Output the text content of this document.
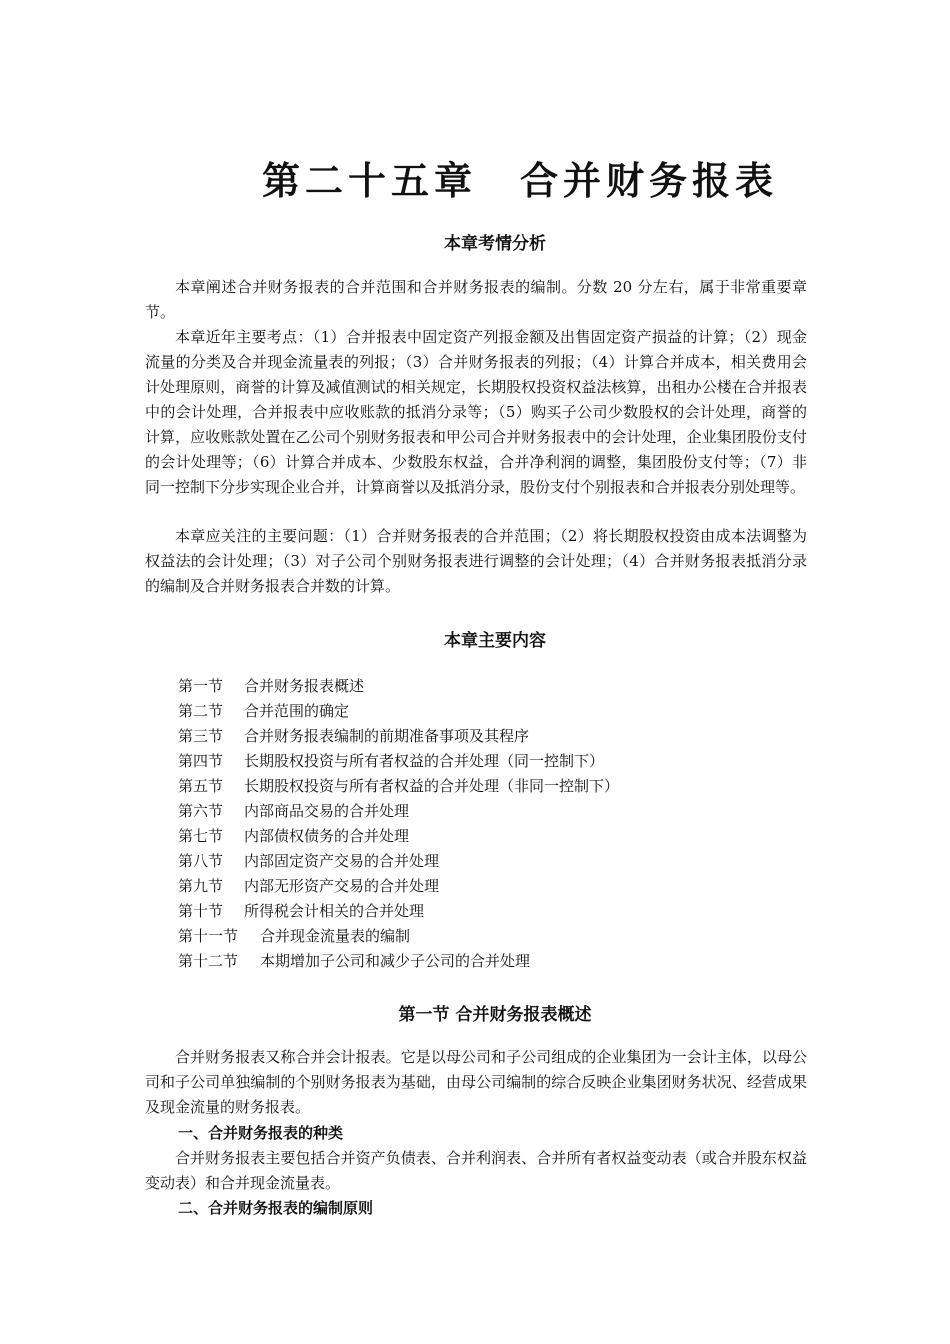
第二十五章　合并财务报表
本章考情分析

本章阐述合并财务报表的合并范围和合并财务报表的编制。分数 20 分左右，属于非常重要章节。

本章近年主要考点：（1）合并报表中固定资产列报金额及出售固定资产损益的计算；（2）现金流量的分类及合并现金流量表的列报；（3）合并财务报表的列报；（4）计算合并成本，相关费用会计处理原则，商誉的计算及减值测试的相关规定，长期股权投资权益法核算，出租办公楼在合并报表中的会计处理，合并报表中应收账款的抵消分录等；（5）购买子公司少数股权的会计处理，商誉的计算，应收账款处置在乙公司个别财务报表和甲公司合并财务报表中的会计处理，企业集团股份支付的会计处理等；（6）计算合并成本、少数股东权益，合并净利润的调整，集团股份支付等；（7）非同一控制下分步实现企业合并，计算商誉以及抵消分录，股份支付个别报表和合并报表分别处理等。

本章应关注的主要问题：（1）合并财务报表的合并范围；（2）将长期股权投资由成本法调整为权益法的会计处理；（3）对子公司个别财务报表进行调整的会计处理；（4）合并财务报表抵消分录的编制及合并财务报表合并数的计算。

本章主要内容
第一节 合并财务报表概述
第二节 合并范围的确定
第三节 合并财务报表编制的前期准备事项及其程序
第四节 长期股权投资与所有者权益的合并处理（同一控制下）
第五节 长期股权投资与所有者权益的合并处理（非同一控制下）
第六节 内部商品交易的合并处理
第七节 内部债权债务的合并处理
第八节 内部固定资产交易的合并处理
第九节 内部无形资产交易的合并处理
第十节 所得税会计相关的合并处理
第十一节 合并现金流量表的编制
第十二节 本期增加子公司和减少子公司的合并处理
第一节 合并财务报表概述

合并财务报表又称合并会计报表。它是以母公司和子公司组成的企业集团为一会计主体，以母公司和子公司单独编制的个别财务报表为基础，由母公司编制的综合反映企业集团财务状况、经营成果及现金流量的财务报表。

一、合并财务报表的种类

合并财务报表主要包括合并资产负债表、合并利润表、合并所有者权益变动表（或合并股东权益变动表）和合并现金流量表。

二、合并财务报表的编制原则
